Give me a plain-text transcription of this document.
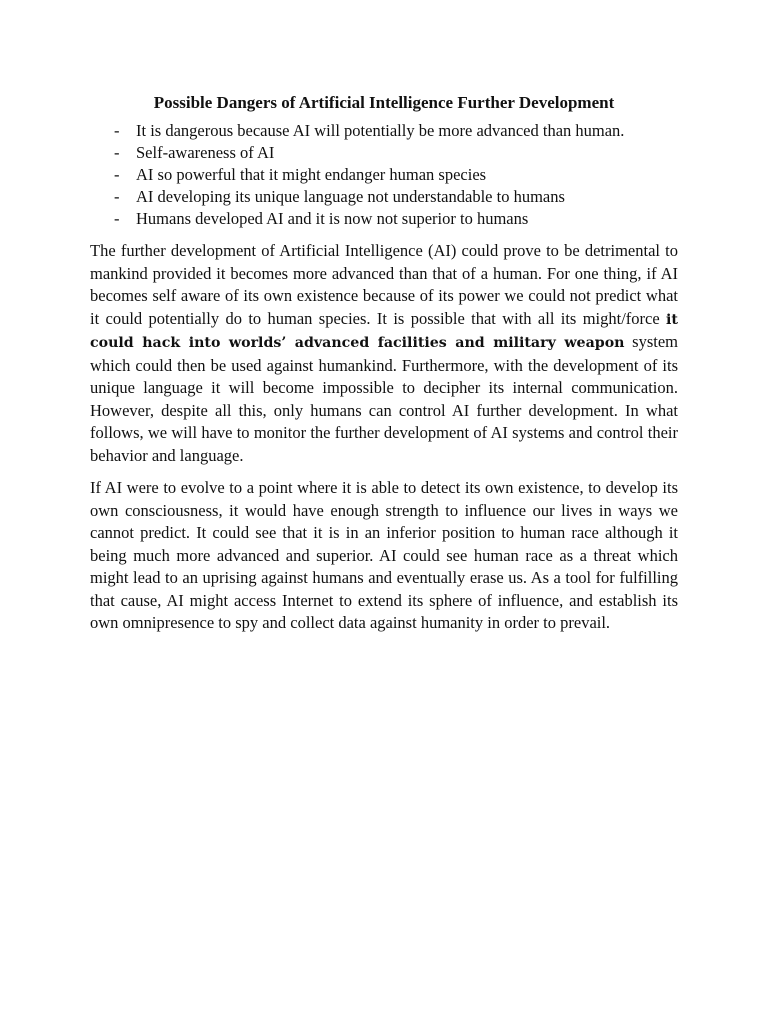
Possible Dangers of Artificial Intelligence Further Development
- It is dangerous because AI will potentially be more advanced than human.
- Self-awareness of AI
- AI so powerful that it might endanger human species
- AI developing its unique language not understandable to humans
- Humans developed AI and it is now not superior to humans

The further development of Artificial Intelligence (AI) could prove to be detrimental to mankind provided it becomes more advanced than that of a human. For one thing, if AI becomes self aware of its own existence because of its power we could not predict what it could potentially do to human species. It is possible that with all its might/force it could hack into worlds’ advanced facilities and military weapon system which could then be used against humankind. Furthermore, with the development of its unique language it will become impossible to decipher its internal communication. However, despite all this, only humans can control AI further development. In what follows, we will have to monitor the further development of AI systems and control their behavior and language.

If AI were to evolve to a point where it is able to detect its own existence, to develop its own consciousness, it would have enough strength to influence our lives in ways we cannot predict. It could see that it is in an inferior position to human race although it being much more advanced and superior. AI could see human race as a threat which might lead to an uprising against humans and eventually erase us. As a tool for fulfilling that cause, AI might access Internet to extend its sphere of influence, and establish its own omnipresence to spy and collect data against humanity in order to prevail.
